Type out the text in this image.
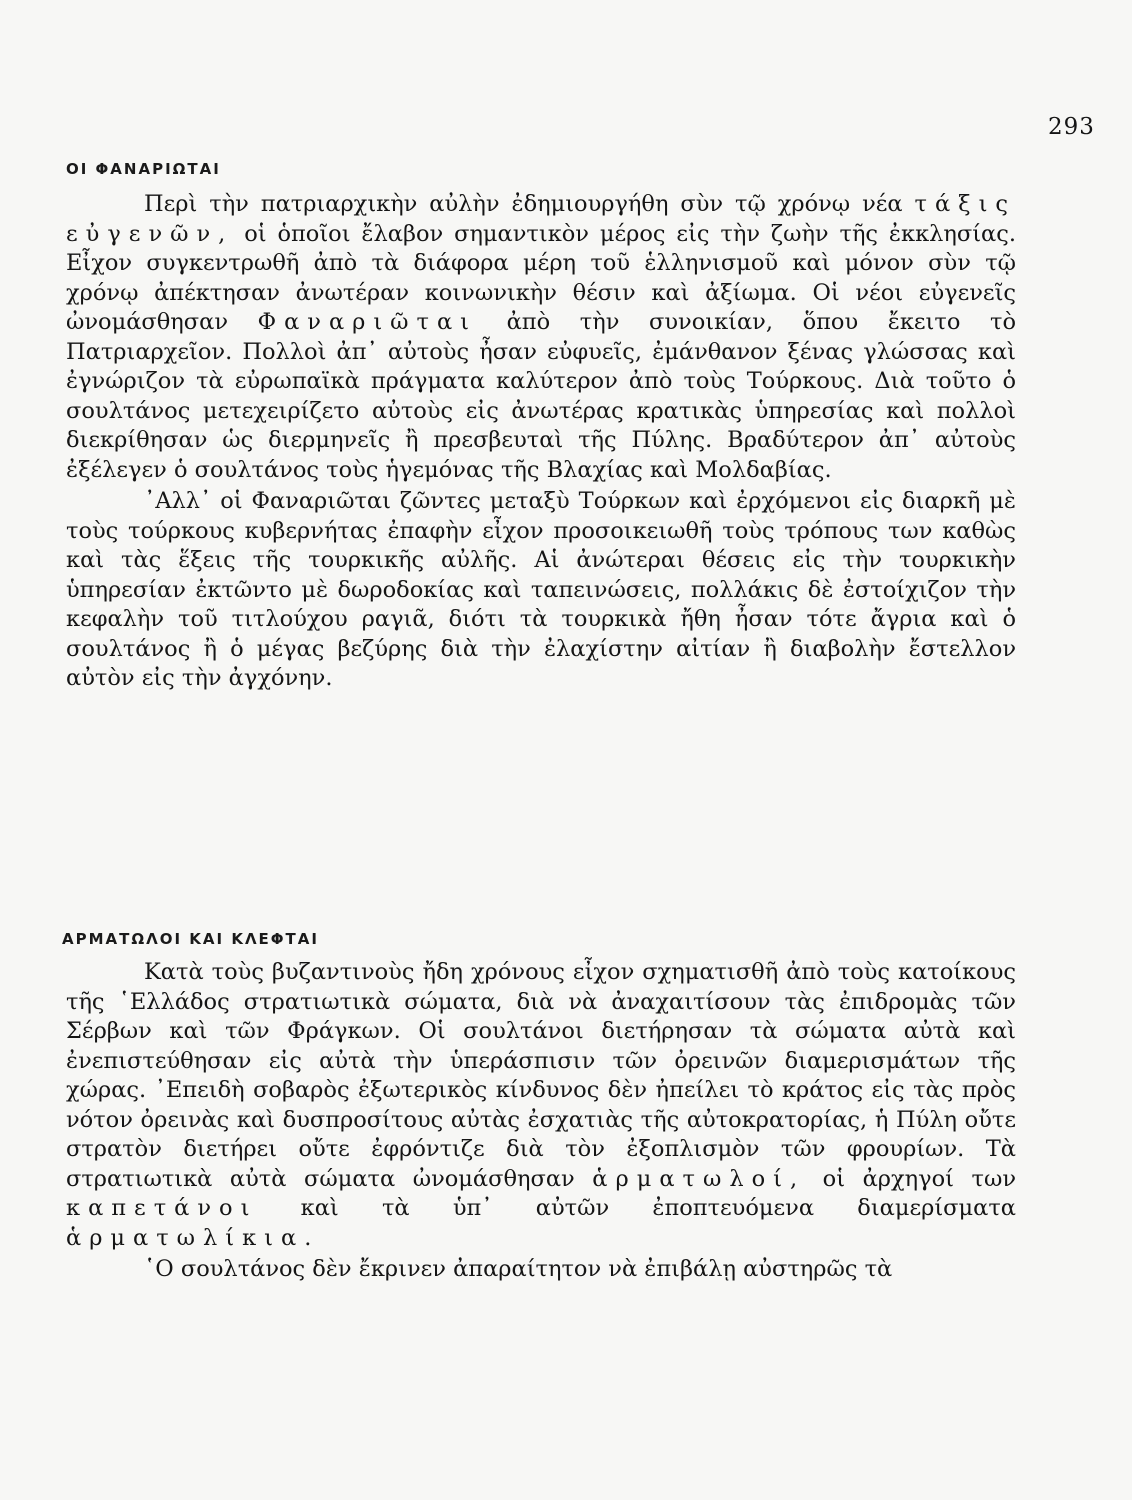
293
ΟΙ ΦΑΝΑΡΙΩΤΑΙ

Περὶ τὴν πατριαρχικὴν αὐλὴν ἐδημιουργήθη σὺν τῷ χρόνῳ νέα τάξις εὐγενῶν, οἱ ὁποῖοι ἔλαβον σημαντικὸν μέρος εἰς τὴν ζωὴν τῆς ἐκκλησίας. Εἶχον συγκεντρωθῆ ἀπὸ τὰ διάφορα μέρη τοῦ ἑλληνισμοῦ καὶ μόνον σὺν τῷ χρόνῳ ἀπέκτησαν ἀνωτέραν κοινωνικὴν θέσιν καὶ ἀξίωμα. Οἱ νέοι εὐγενεῖς ὠνομάσθησαν Φαναριῶται ἀπὸ τὴν συνοικίαν, ὅπου ἔκειτο τὸ Πατριαρχεῖον. Πολλοὶ ἀπ᾿ αὐτοὺς ἦσαν εὐφυεῖς, ἐμάνθανον ξένας γλώσσας καὶ ἐγνώριζον τὰ εὐρωπαϊκὰ πράγματα καλύτερον ἀπὸ τοὺς Τούρκους. Διὰ τοῦτο ὁ σουλτάνος μετεχειρίζετο αὐτοὺς εἰς ἀνωτέρας κρατικὰς ὑπηρεσίας καὶ πολλοὶ διεκρίθησαν ὡς διερμηνεῖς ἢ πρεσβευταὶ τῆς Πύλης. Βραδύτερον ἀπ᾿ αὐτοὺς ἐξέλεγεν ὁ σουλτάνος τοὺς ἡγεμόνας τῆς Βλαχίας καὶ Μολδαβίας.

᾿Αλλ᾿ οἱ Φαναριῶται ζῶντες μεταξὺ Τούρκων καὶ ἐρχόμενοι εἰς διαρκῆ μὲ τοὺς τούρκους κυβερνήτας ἐπαφὴν εἶχον προσοικειωθῆ τοὺς τρόπους των καθὼς καὶ τὰς ἕξεις τῆς τουρκικῆς αὐλῆς. Αἱ ἀνώτεραι θέσεις εἰς τὴν τουρκικὴν ὑπηρεσίαν ἐκτῶντο μὲ δωροδοκίας καὶ ταπεινώσεις, πολλάκις δὲ ἐστοίχιζον τὴν κεφαλὴν τοῦ τιτλούχου ραγιᾶ, διότι τὰ τουρκικὰ ἤθη ἦσαν τότε ἄγρια καὶ ὁ σουλτάνος ἢ ὁ μέγας βεζύρης διὰ τὴν ἐλαχίστην αἰτίαν ἢ διαβολὴν ἔστελλον αὐτὸν εἰς τὴν ἀγχόνην.

ΑΡΜΑΤΩΛΟΙ ΚΑΙ ΚΛΕΦΤΑΙ

Κατὰ τοὺς βυζαντινοὺς ἤδη χρόνους εἶχον σχηματισθῆ ἀπὸ τοὺς κατοίκους τῆς ῾Ελλάδος στρατιωτικὰ σώματα, διὰ νὰ ἀναχαιτίσουν τὰς ἐπιδρομὰς τῶν Σέρβων καὶ τῶν Φράγκων. Οἱ σουλτάνοι διετήρησαν τὰ σώματα αὐτὰ καὶ ἐνεπιστεύθησαν εἰς αὐτὰ τὴν ὑπεράσπισιν τῶν ὀρεινῶν διαμερισμάτων τῆς χώρας. ᾿Επειδὴ σοβαρὸς ἐξωτερικὸς κίνδυνος δὲν ἠπείλει τὸ κράτος εἰς τὰς πρὸς νότον ὀρεινὰς καὶ δυσπροσίτους αὐτὰς ἐσχατιὰς τῆς αὐτοκρατορίας, ἡ Πύλη οὔτε στρατὸν διετήρει οὔτε ἐφρόντιζε διὰ τὸν ἐξοπλισμὸν τῶν φρουρίων. Τὰ στρατιωτικὰ αὐτὰ σώματα ὠνομάσθησαν ἁρματωλοί, οἱ ἀρχηγοί των καπετάνοι καὶ τὰ ὑπ᾿ αὐτῶν ἐποπτευόμενα διαμερίσματα ἁρματωλίκια.

῾Ο σουλτάνος δὲν ἔκρινεν ἀπαραίτητον νὰ ἐπιβάλῃ αὐστηρῶς τὰ
